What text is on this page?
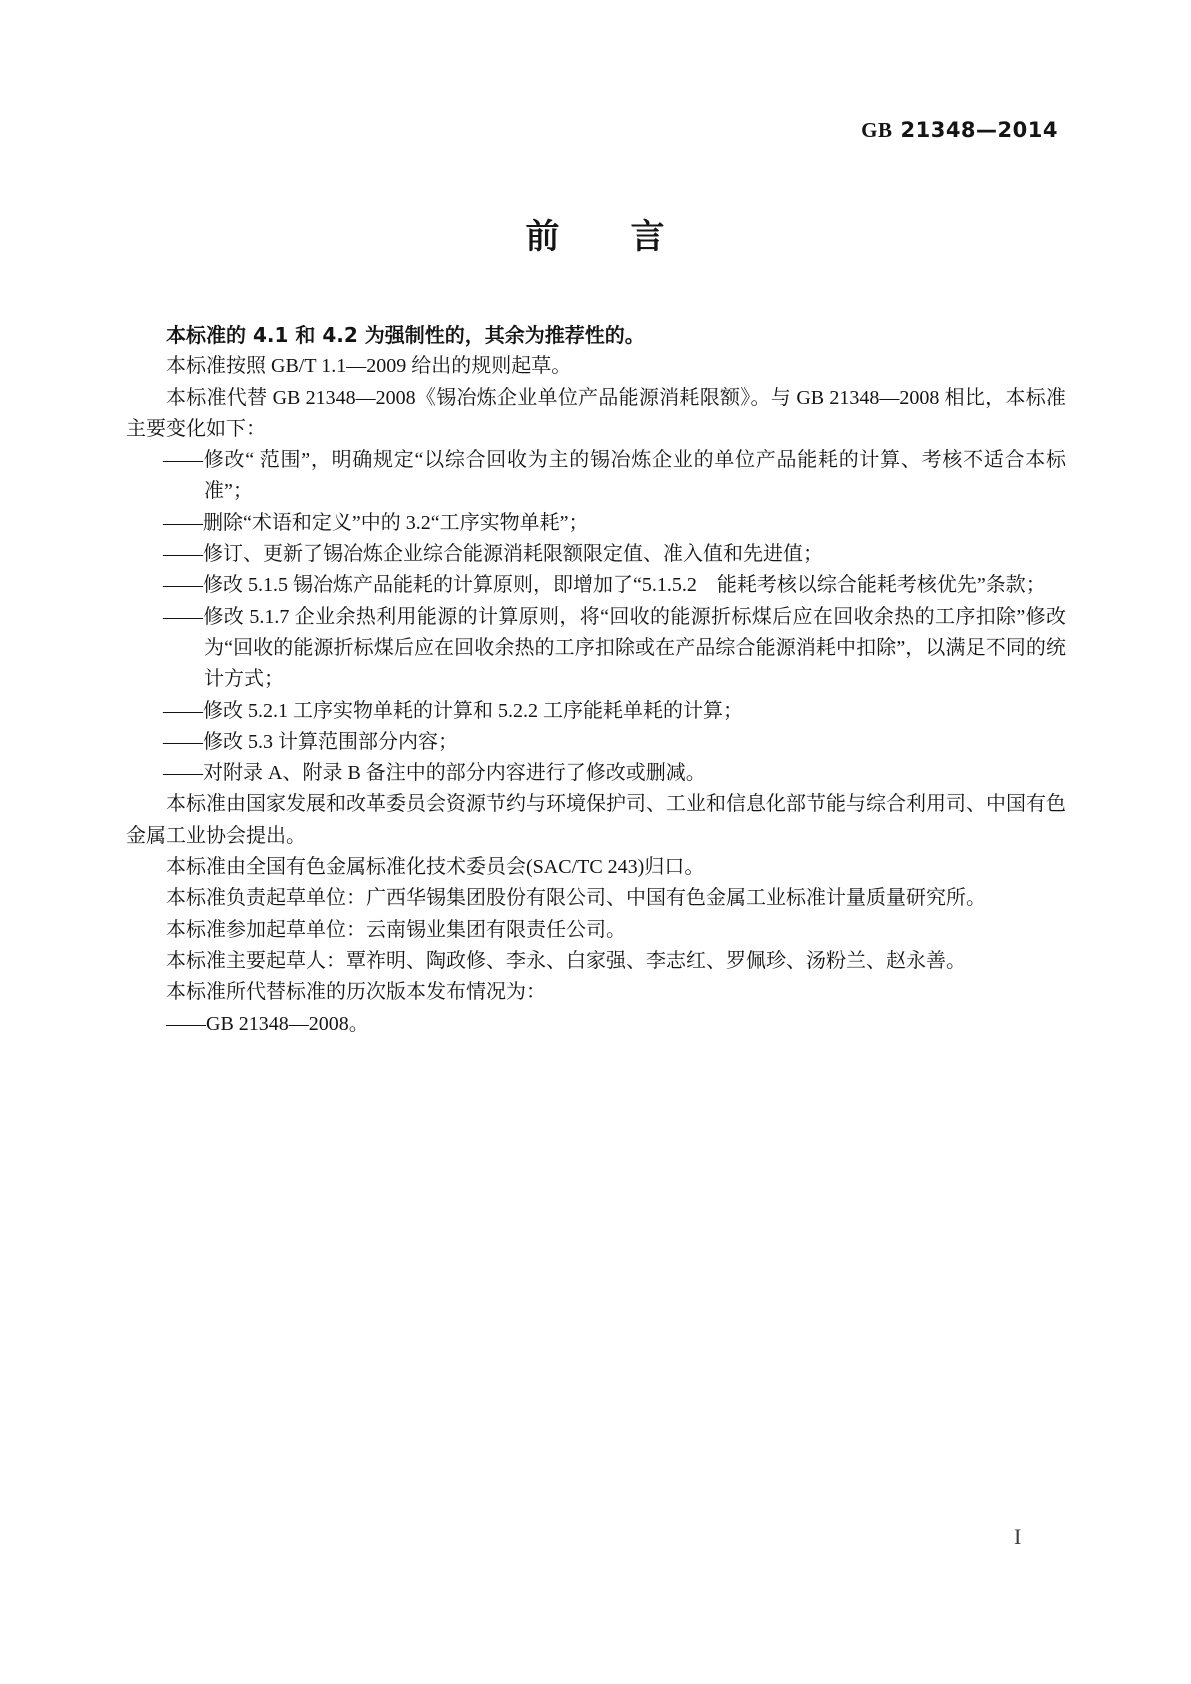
GB 21348—2014
前　　言

本标准的 4.1 和 4.2 为强制性的，其余为推荐性的。

本标准按照 GB/T 1.1—2009 给出的规则起草。

本标准代替 GB 21348—2008《锡冶炼企业单位产品能源消耗限额》。与 GB 21348—2008 相比，本标准主要变化如下：

——修改“ 范围”，明确规定“以综合回收为主的锡冶炼企业的单位产品能耗的计算、考核不适合本标准”；

——删除“术语和定义”中的 3.2“工序实物单耗”；

——修订、更新了锡冶炼企业综合能源消耗限额限定值、准入值和先进值；

——修改 5.1.5 锡冶炼产品能耗的计算原则，即增加了“5.1.5.2　能耗考核以综合能耗考核优先”条款；

——修改 5.1.7 企业余热利用能源的计算原则，将“回收的能源折标煤后应在回收余热的工序扣除”修改为“回收的能源折标煤后应在回收余热的工序扣除或在产品综合能源消耗中扣除”，以满足不同的统计方式；

——修改 5.2.1 工序实物单耗的计算和 5.2.2 工序能耗单耗的计算；

——修改 5.3 计算范围部分内容；

——对附录 A、附录 B 备注中的部分内容进行了修改或删减。

本标准由国家发展和改革委员会资源节约与环境保护司、工业和信息化部节能与综合利用司、中国有色金属工业协会提出。

本标准由全国有色金属标准化技术委员会(SAC/TC 243)归口。

本标准负责起草单位：广西华锡集团股份有限公司、中国有色金属工业标准计量质量研究所。

本标准参加起草单位：云南锡业集团有限责任公司。

本标准主要起草人：覃祚明、陶政修、李永、白家强、李志红、罗佩珍、汤粉兰、赵永善。

本标准所代替标准的历次版本发布情况为：

——GB 21348—2008。

I
